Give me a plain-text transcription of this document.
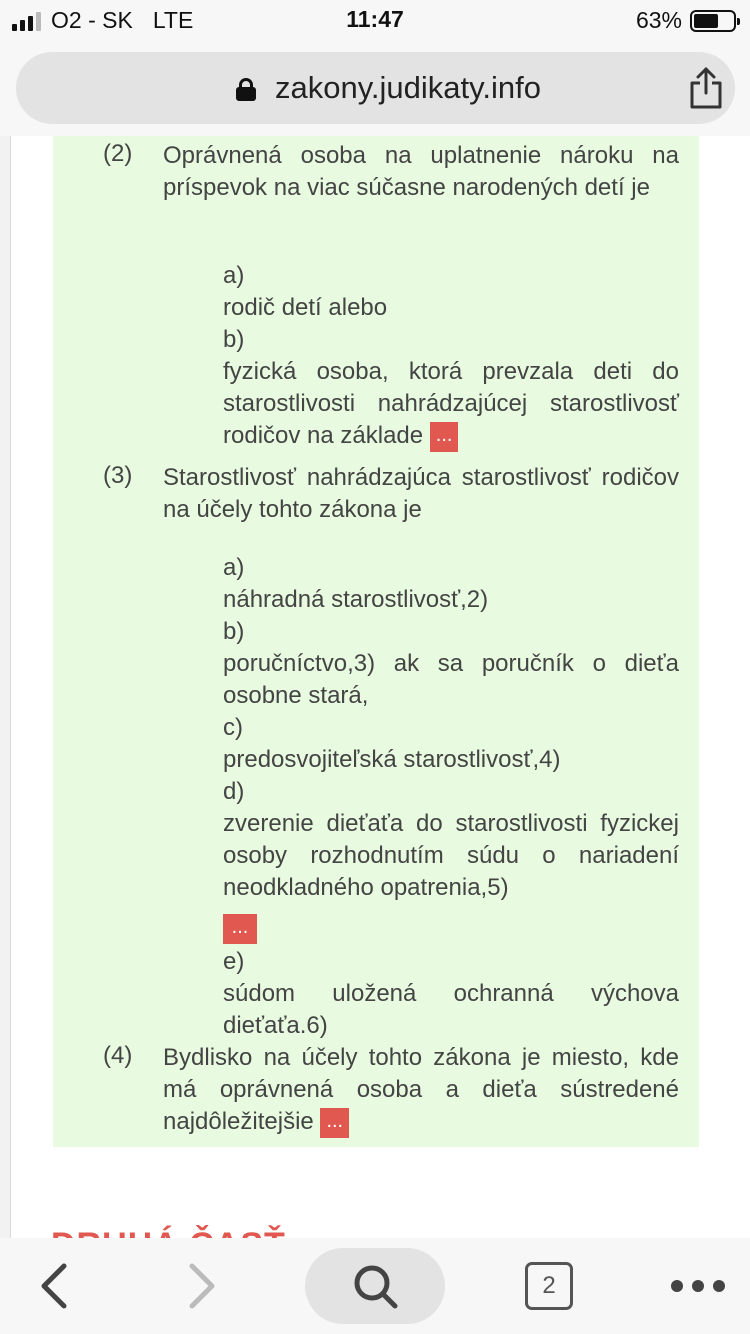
O2 - SK LTE	11:47	63%
zakony.judikaty.info
(2) Oprávnená osoba na uplatnenie nároku na príspevok na viac súčasne narodených detí je
a)
rodič detí alebo
b)
fyzická osoba, ktorá prevzala deti do starostlivosti nahrádzajúcej starostlivosť rodičov na základe ...
(3) Starostlivosť nahrádzajúca starostlivosť rodičov na účely tohto zákona je
a)
náhradná starostlivosť,2)
b)
poručníctvo,3) ak sa poručník o dieťa osobne stará,
c)
predosvojiteľská starostlivosť,4)
d)
zverenie dieťaťa do starostlivosti fyzickej osoby rozhodnutím súdu o nariadení neodkladného opatrenia,5)
...
e)
súdom uložená ochranná výchova dieťaťa.6)
(4) Bydlisko na účely tohto zákona je miesto, kde má oprávnená osoba a dieťa sústredené najdôležitejšie ...
2
